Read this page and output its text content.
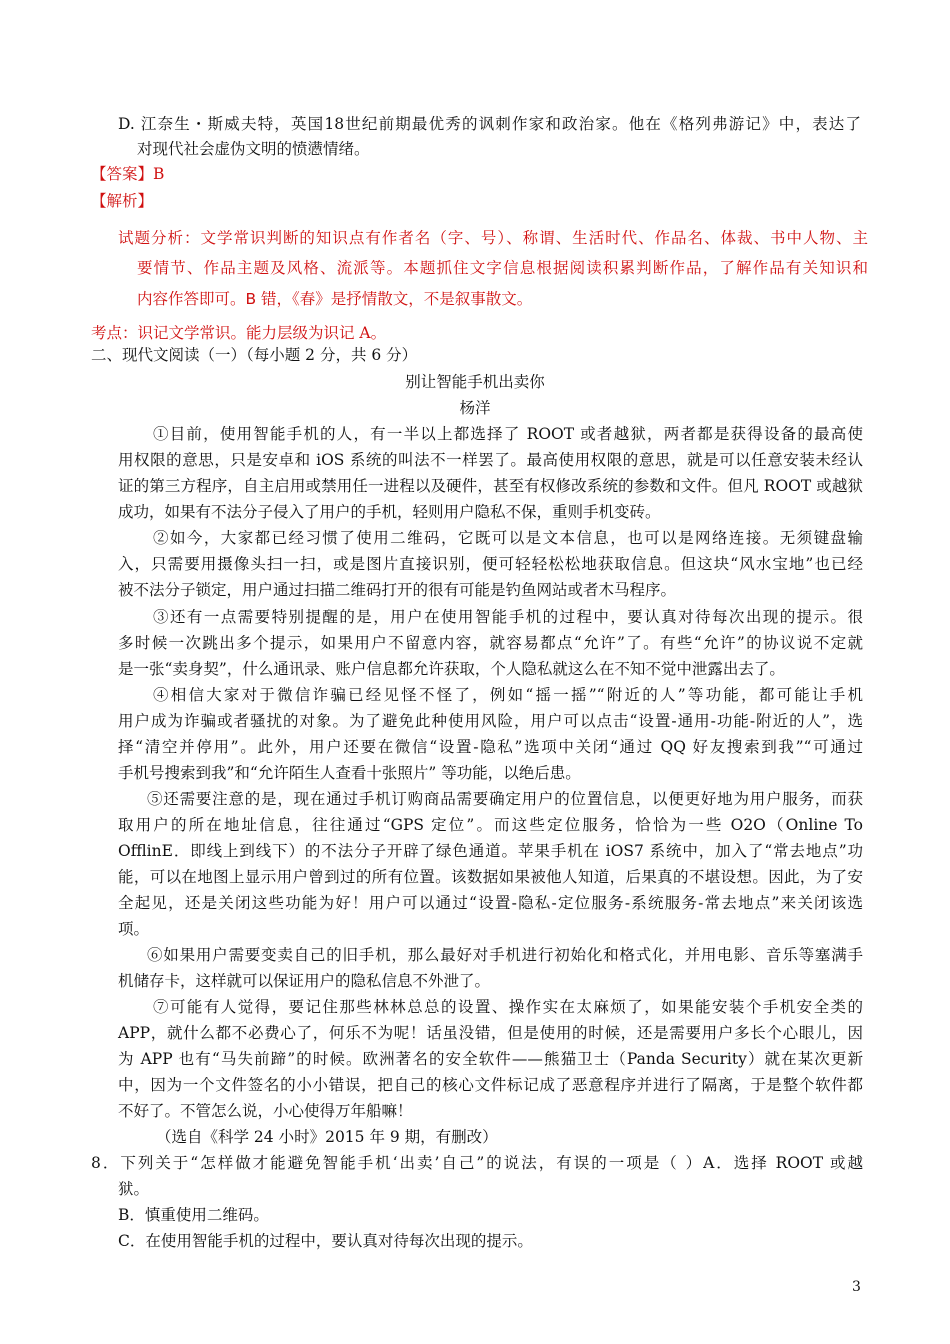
D. 江奈生・斯威夫特，英国18世纪前期最优秀的讽刺作家和政治家。他在《格列弗游记》中，表达了
对现代社会虚伪文明的愤懑情绪。
【答案】B
【解析】
试题分析：文学常识判断的知识点有作者名（字、号）、称谓、生活时代、作品名、体裁、书中人物、主
要情节、作品主题及风格、流派等。本题抓住文字信息根据阅读积累判断作品，了解作品有关知识和
内容作答即可。B 错，《春》是抒情散文，不是叙事散文。
考点：识记文学常识。能力层级为识记 A。
二、现代文阅读（一）（每小题 2 分，共 6 分）
别让智能手机出卖你
杨洋
①目前，使用智能手机的人，有一半以上都选择了 ROOT 或者越狱，两者都是获得设备的最高使
用权限的意思，只是安卓和 iOS 系统的叫法不一样罢了。最高使用权限的意思，就是可以任意安装未经认
证的第三方程序，自主启用或禁用任一进程以及硬件，甚至有权修改系统的参数和文件。但凡 ROOT 或越狱
成功，如果有不法分子侵入了用户的手机，轻则用户隐私不保，重则手机变砖。
②如今，大家都已经习惯了使用二维码，它既可以是文本信息，也可以是网络连接。无须键盘输
入，只需要用摄像头扫一扫，或是图片直接识别，便可轻轻松松地获取信息。但这块“风水宝地”也已经
被不法分子锁定，用户通过扫描二维码打开的很有可能是钓鱼网站或者木马程序。
③还有一点需要特别提醒的是，用户在使用智能手机的过程中，要认真对待每次出现的提示。很
多时候一次跳出多个提示，如果用户不留意内容，就容易都点“允许”了。有些“允许”的协议说不定就
是一张“卖身契”，什么通讯录、账户信息都允许获取，个人隐私就这么在不知不觉中泄露出去了。
④相信大家对于微信诈骗已经见怪不怪了，例如“摇一摇”“附近的人”等功能，都可能让手机
用户成为诈骗或者骚扰的对象。为了避免此种使用风险，用户可以点击“设置-通用-功能-附近的人”，选
择“清空并停用”。此外，用户还要在微信“设置-隐私”选项中关闭“通过 QQ 好友搜索到我”“可通过
手机号搜索到我”和“允许陌生人查看十张照片” 等功能，以绝后患。
⑤还需要注意的是，现在通过手机订购商品需要确定用户的位置信息，以便更好地为用户服务，而获
取用户的所在地址信息，往往通过“GPS 定位”。而这些定位服务，恰恰为一些 O2O（Online To
OfflinE．即线上到线下）的不法分子开辟了绿色通道。苹果手机在 iOS7 系统中，加入了“常去地点”功
能，可以在地图上显示用户曾到过的所有位置。该数据如果被他人知道，后果真的不堪设想。因此，为了安
全起见，还是关闭这些功能为好！用户可以通过“设置-隐私-定位服务-系统服务-常去地点”来关闭该选
项。
⑥如果用户需要变卖自己的旧手机，那么最好对手机进行初始化和格式化，并用电影、音乐等塞满手
机储存卡，这样就可以保证用户的隐私信息不外泄了。
⑦可能有人觉得，要记住那些林林总总的设置、操作实在太麻烦了，如果能安装个手机安全类的
APP，就什么都不必费心了，何乐不为呢！话虽没错，但是使用的时候，还是需要用户多长个心眼儿，因
为 APP 也有“马失前蹄”的时候。欧洲著名的安全软件——熊猫卫士（Panda Security）就在某次更新
中，因为一个文件签名的小小错误，把自己的核心文件标记成了恶意程序并进行了隔离，于是整个软件都
不好了。不管怎么说，小心使得万年船嘛！
（选自《科学 24 小时》2015 年 9 期，有删改）
8．下列关于“怎样做才能避免智能手机‘出卖’自己”的说法，有误的一项是（ ）A．选择 ROOT 或越
狱。
B．慎重使用二维码。
C．在使用智能手机的过程中，要认真对待每次出现的提示。
3
